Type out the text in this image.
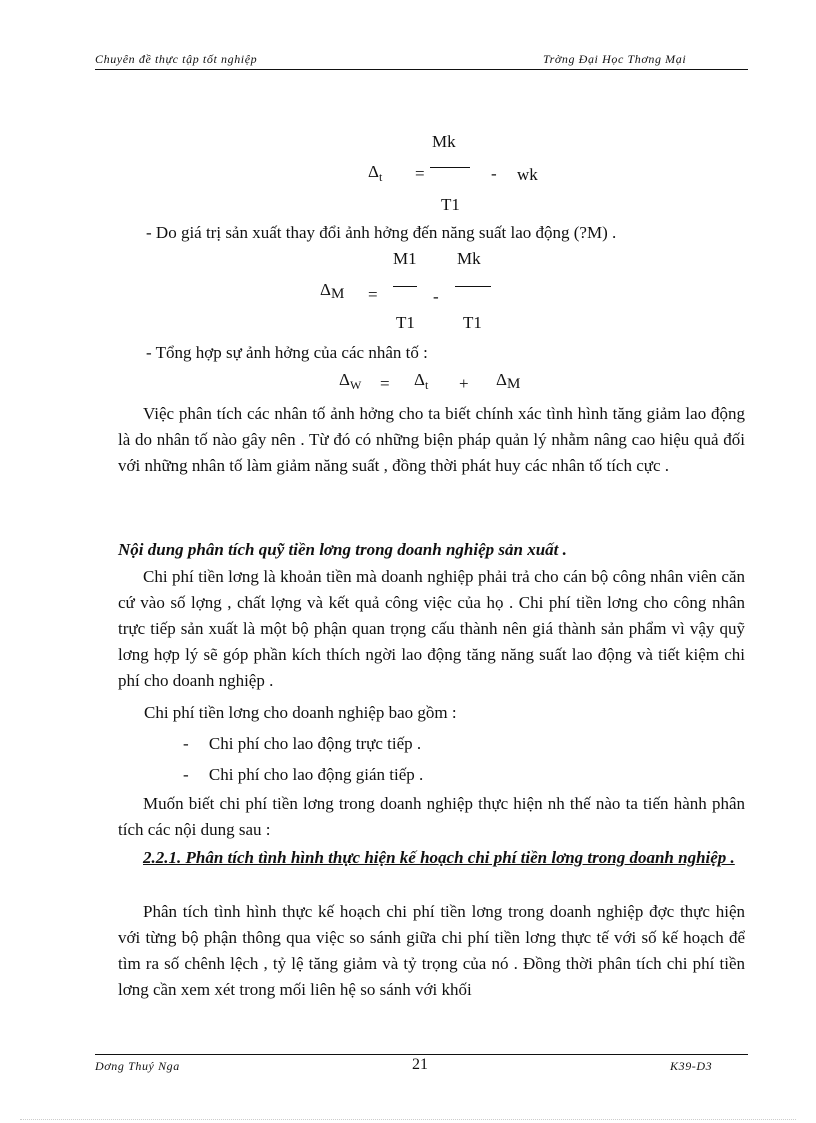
Chuyên đề thực tập tốt nghiệp	Trờng Đại Học Thơng Mại
Mk
$\Delta_t$ =	- wk
T1
- Do giá trị sản xuất thay đổi ảnh hởng đến năng suất lao động (?M) .
M1 Mk
ΔM =	-
T1	T1
- Tổng hợp sự ảnh hởng của các nhân tố :
$\Delta_W = \Delta_t + \Delta M$
Việc phân tích các nhân tố ảnh hởng cho ta biết chính xác tình hình tăng giảm lao động là do nhân tố nào gây nên . Từ đó có những biện pháp quản lý nhằm nâng cao hiệu quả đối với những nhân tố làm giảm năng suất , đồng thời phát huy các nhân tố tích cực .
Nội dung phân tích quỹ tiền lơng trong doanh nghiệp sản xuất .
Chi phí tiền lơng là khoản tiền mà doanh nghiệp phải trả cho cán bộ công nhân viên căn cứ vào số lợng , chất lợng và kết quả công việc của họ . Chi phí tiền lơng cho công nhân trực tiếp sản xuất là một bộ phận quan trọng cấu thành nên giá thành sản phẩm vì vậy quỹ lơng hợp lý sẽ góp phần kích thích ngời lao động tăng năng suất lao động và tiết kiệm chi phí cho doanh nghiệp .
Chi phí tiền lơng cho doanh nghiệp bao gồm :
- Chi phí cho lao động trực tiếp .
- Chi phí cho lao động gián tiếp .
Muốn biết chi phí tiền lơng trong doanh nghiệp thực hiện nh thế nào ta tiến hành phân tích các nội dung sau :
2.2.1. Phân tích tình hình thực hiện kế hoạch chi phí tiền lơng trong doanh nghiệp .
Phân tích tình hình thực kế hoạch chi phí tiền lơng trong doanh nghiệp đợc thực hiện với từng bộ phận thông qua việc so sánh giữa chi phí tiền lơng thực tế với số kế hoạch để tìm ra số chênh lệch , tỷ lệ tăng giảm và tỷ trọng của nó . Đồng thời phân tích chi phí tiền lơng cần xem xét trong mối liên hệ so sánh với khối
Dơng Thuý Nga	21	K39-D3
